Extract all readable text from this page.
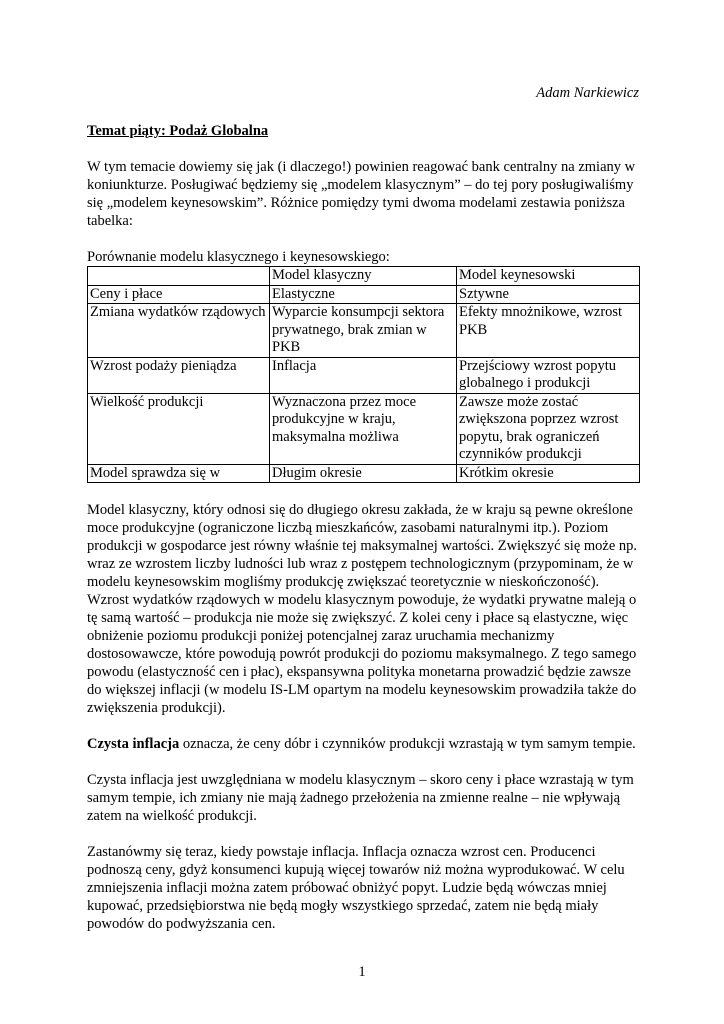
Adam Narkiewicz
Temat piąty: Podaż Globalna

W tym temacie dowiemy się jak (i dlaczego!) powinien reagować bank centralny na zmiany w koniunkturze. Posługiwać będziemy się „modelem klasycznym” – do tej pory posługiwaliśmy się „modelem keynesowskim”. Różnice pomiędzy tymi dwoma modelami zestawia poniższa tabelka:

Porównanie modelu klasycznego i keynesowskiego:
	Model klasyczny	Model keynesowski
Ceny i płace	Elastyczne	Sztywne
Zmiana wydatków rządowych	Wyparcie konsumpcji sektora prywatnego, brak zmian w PKB	Efekty mnożnikowe, wzrost PKB
Wzrost podaży pieniądza	Inflacja	Przejściowy wzrost popytu globalnego i produkcji
Wielkość produkcji	Wyznaczona przez moce produkcyjne w kraju, maksymalna możliwa	Zawsze może zostać zwiększona poprzez wzrost popytu, brak ograniczeń czynników produkcji
Model sprawdza się w	Długim okresie	Krótkim okresie

Model klasyczny, który odnosi się do długiego okresu zakłada, że w kraju są pewne określone moce produkcyjne (ograniczone liczbą mieszkańców, zasobami naturalnymi itp.). Poziom produkcji w gospodarce jest równy właśnie tej maksymalnej wartości. Zwiększyć się może np. wraz ze wzrostem liczby ludności lub wraz z postępem technologicznym (przypominam, że w modelu keynesowskim mogliśmy produkcję zwiększać teoretycznie w nieskończoność). Wzrost wydatków rządowych w modelu klasycznym powoduje, że wydatki prywatne maleją o tę samą wartość – produkcja nie może się zwiększyć. Z kolei ceny i płace są elastyczne, więc obniżenie poziomu produkcji poniżej potencjalnej zaraz uruchamia mechanizmy dostosowawcze, które powodują powrót produkcji do poziomu maksymalnego. Z tego samego powodu (elastyczność cen i płac), ekspansywna polityka monetarna prowadzić będzie zawsze do większej inflacji (w modelu IS-LM opartym na modelu keynesowskim prowadziła także do zwiększenia produkcji).

Czysta inflacja oznacza, że ceny dóbr i czynników produkcji wzrastają w tym samym tempie.

Czysta inflacja jest uwzględniana w modelu klasycznym – skoro ceny i płace wzrastają w tym samym tempie, ich zmiany nie mają żadnego przełożenia na zmienne realne – nie wpływają zatem na wielkość produkcji.

Zastanówmy się teraz, kiedy powstaje inflacja. Inflacja oznacza wzrost cen. Producenci podnoszą ceny, gdyż konsumenci kupują więcej towarów niż można wyprodukować. W celu zmniejszenia inflacji można zatem próbować obniżyć popyt. Ludzie będą wówczas mniej kupować, przedsiębiorstwa nie będą mogły wszystkiego sprzedać, zatem nie będą miały powodów do podwyższania cen.

1
